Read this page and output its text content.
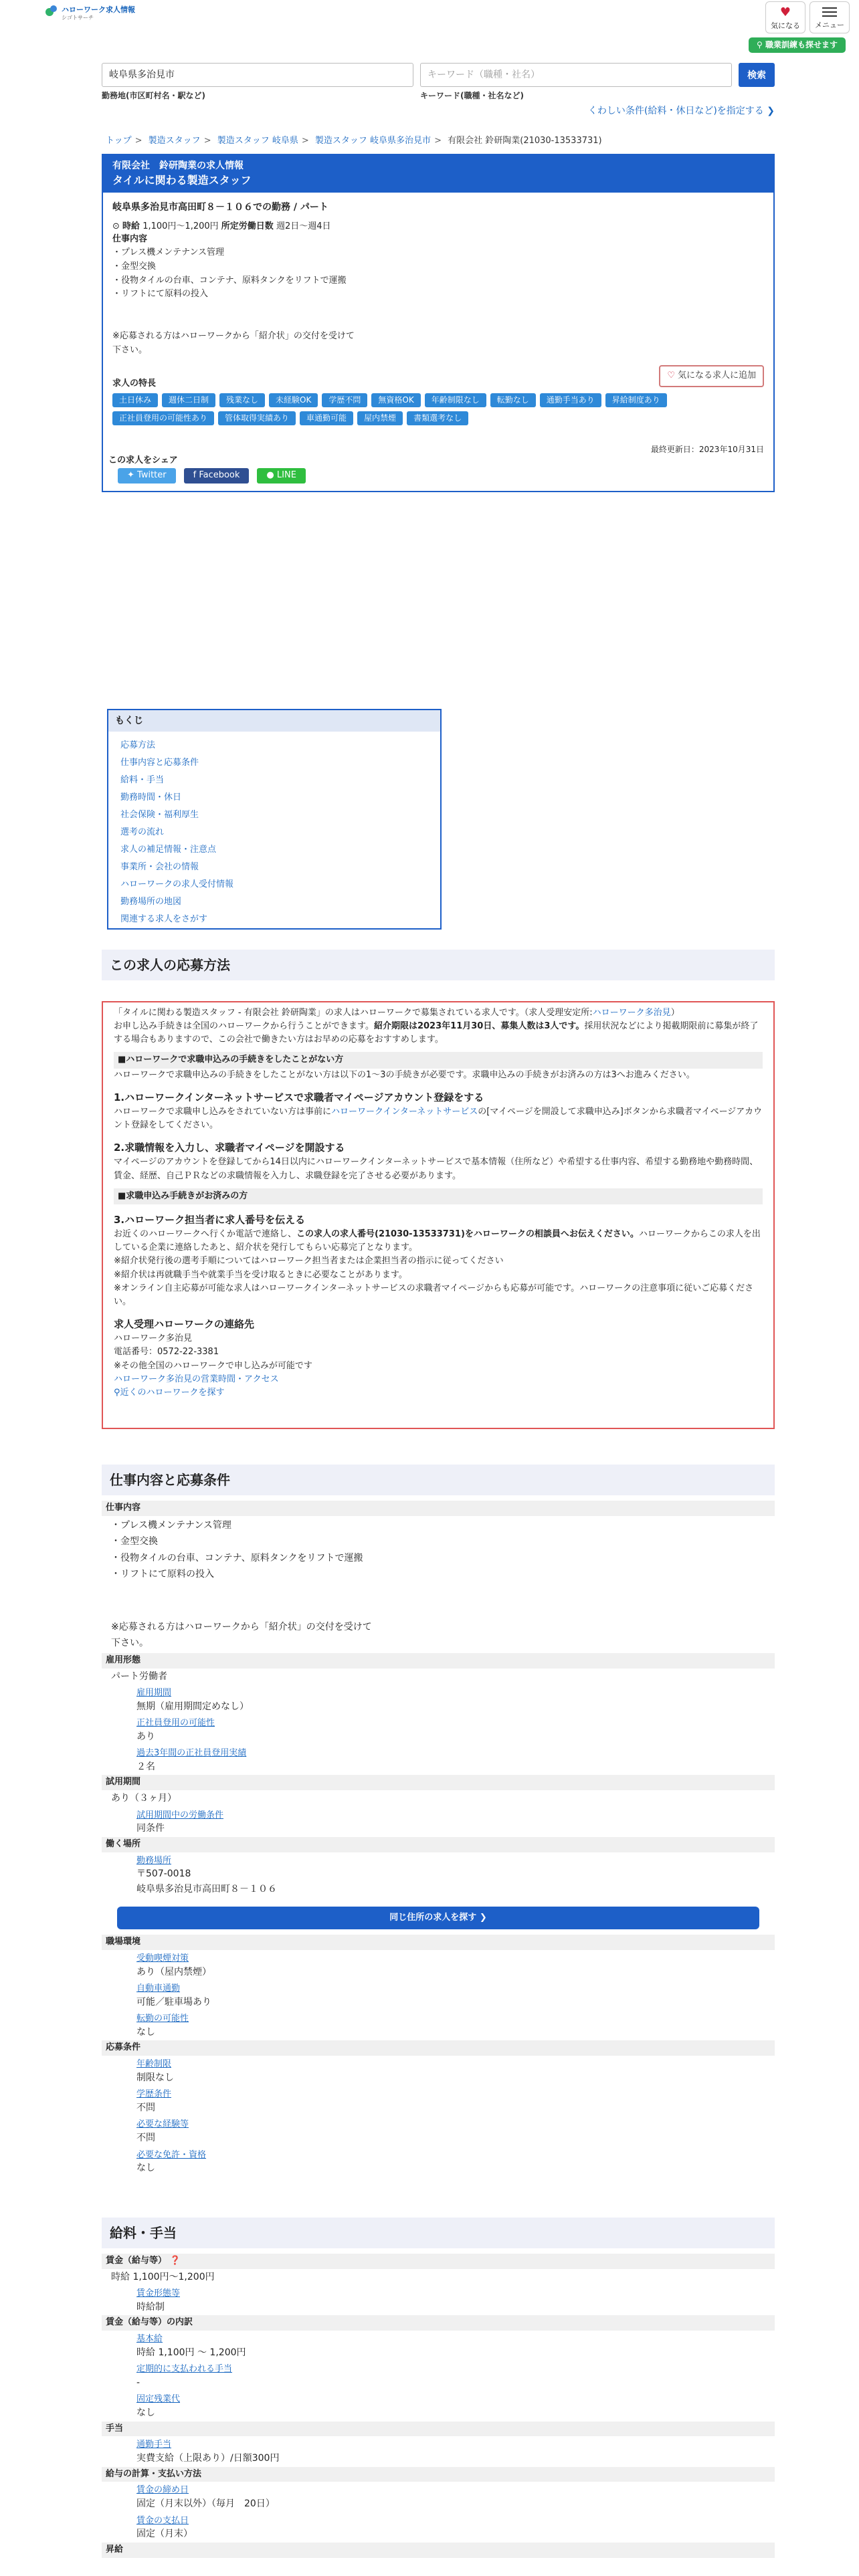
ハローワーク求人情報
シゴトサーチ	♥
気になる	メニュー
⚲ 職業訓練も探せます
岐阜県多治見市
勤務地(市区町村名・駅など)
キーワード（職種・社名）
キーワード(職種・社名など)
検索
くわしい条件(給料・休日など)を指定する ❯
トップ > 製造スタッフ > 製造スタッフ 岐阜県 > 製造スタッフ 岐阜県多治見市 > 有限会社 鈴研陶業(21030-13533731)
有限会社　鈴研陶業の求人情報
タイルに関わる製造スタッフ
岐阜県多治見市高田町８－１０６での勤務 / パート
⊙ 時給 1,100円〜1,200円 所定労働日数 週2日〜週4日
仕事内容
・プレス機メンテナンス管理
・金型交換
・役物タイルの台車、コンテナ、原料タンクをリフトで運搬
・リフトにて原料の投入
※応募される方はハローワークから「紹介状」の交付を受けて
下さい。
求人の特長
土日休み	週休二日制	残業なし	未経験OK	学歴不問	無資格OK	年齢制限なし	転勤なし	通勤手当あり	昇給制度あり
正社員登用の可能性あり	管体取得実績あり	車通勤可能	屋内禁煙	書類選考なし
♡ 気になる求人に追加
最終更新日：2023年10月31日
この求人をシェア
✦ Twitter	f Facebook	● LINE
もくじ
応募方法
仕事内容と応募条件
給料・手当
勤務時間・休日
社会保険・福利厚生
選考の流れ
求人の補足情報・注意点
事業所・会社の情報
ハローワークの求人受付情報
勤務場所の地図
関連する求人をさがす
この求人の応募方法
「タイルに関わる製造スタッフ - 有限会社 鈴研陶業」の求人はハローワークで募集されている求人です。（求人受理安定所:ハローワーク多治見）
お申し込み手続きは全国のハローワークから行うことができます。紹介期限は2023年11月30日、募集人数は3人です。採用状況などにより掲載期限前に募集が終了する場合もありますので、この会社で働きたい方はお早めの応募をおすすめします。
■ハローワークで求職申込みの手続きをしたことがない方
ハローワークで求職申込みの手続きをしたことがない方は以下の1〜3の手続きが必要です。求職申込みの手続きがお済みの方は3へお進みください。
1.ハローワークインターネットサービスで求職者マイページアカウント登録をする
ハローワークで求職申し込みをされていない方は事前にハローワークインターネットサービスの[マイページを開設して求職申込み]ボタンから求職者マイページアカウント登録をしてください。
2.求職情報を入力し、求職者マイページを開設する
マイページのアカウントを登録してから14日以内にハローワークインターネットサービスで基本情報（住所など）や希望する仕事内容、希望する勤務地や勤務時間、賃金、経歴、自己ＰＲなどの求職情報を入力し、求職登録を完了させる必要があります。
■求職申込み手続きがお済みの方
3.ハローワーク担当者に求人番号を伝える
お近くのハローワークへ行くか電話で連絡し、この求人の求人番号(21030-13533731)をハローワークの相談員へお伝えください。ハローワークからこの求人を出している企業に連絡したあと、紹介状を発行してもらい応募完了となります。
※紹介状発行後の選考手順についてはハローワーク担当者または企業担当者の指示に従ってください
※紹介状は再就職手当や就業手当を受け取るときに必要なことがあります。
※オンライン自主応募が可能な求人はハローワークインターネットサービスの求職者マイページからも応募が可能です。ハローワークの注意事項に従いご応募ください。
求人受理ハローワークの連絡先
ハローワーク多治見
電話番号：0572-22-3381
※その他全国のハローワークで申し込みが可能です
ハローワーク多治見の営業時間・アクセス
⚲近くのハローワークを探す
仕事内容と応募条件
仕事内容
・プレス機メンテナンス管理
・金型交換
・役物タイルの台車、コンテナ、原料タンクをリフトで運搬
・リフトにて原料の投入
※応募される方はハローワークから「紹介状」の交付を受けて
下さい。
雇用形態
パート労働者
雇用期間
無期（雇用期間定めなし）
正社員登用の可能性
あり
過去3年間の正社員登用実績
２名
試用期間
あり（３ヶ月）
試用期間中の労働条件
同条件
働く場所
勤務場所
〒507-0018
岐阜県多治見市高田町８－１０６
同じ住所の求人を探す ❯
職場環境
受動喫煙対策
あり（屋内禁煙）
自動車通勤
可能／駐車場あり
転勤の可能性
なし
応募条件
年齢制限
制限なし
学歴条件
不問
必要な経験等
不問
必要な免許・資格
なし
給料・手当
賃金（給与等） ❓
時給 1,100円〜1,200円
賃金形態等
時給制
賃金（給与等）の内訳
基本給
時給 1,100円 〜 1,200円
定期的に支払われる手当
-
固定残業代
なし
手当
通勤手当
実費支給（上限あり）/日額300円
給与の計算・支払い方法
賃金の締め日
固定（月末以外）（毎月　20日）
賃金の支払日
固定（月末）
昇給
